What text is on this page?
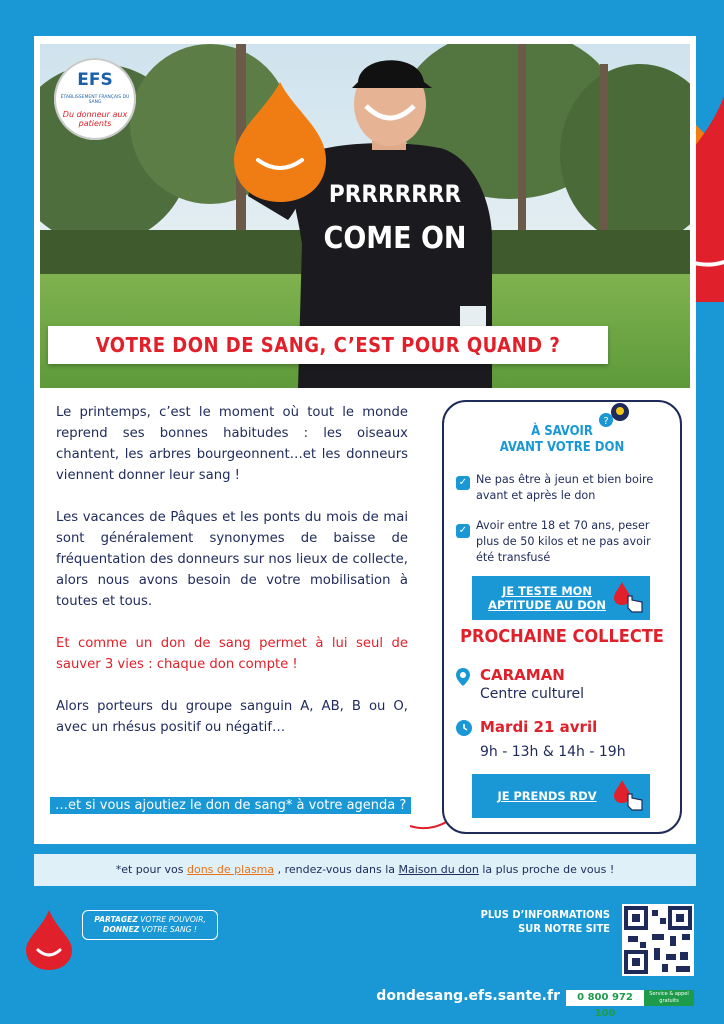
PRRRRRRR
COME ON
EFS
ÉTABLISSEMENT FRANÇAIS DU SANG
Du donneur aux patients

Le printemps, c’est le moment où tout le monde reprend ses bonnes habitudes : les oiseaux chantent, les arbres bourgeonnent…et les donneurs viennent donner leur sang !

Les vacances de Pâques et les ponts du mois de mai sont généralement synonymes de baisse de fréquentation des donneurs sur nos lieux de collecte, alors nous avons besoin de votre mobilisation à toutes et tous.

Et comme un don de sang permet à lui seul de sauver 3 vies : chaque don compte !

Alors porteurs du groupe sanguin A, AB, B ou O, avec un rhésus positif ou négatif…

…et si vous ajoutiez le don de sang* à votre agenda ?
?
À SAVOIR
AVANT VOTRE DON
✓ Ne pas être à jeun et bien boire avant et après le don
✓ Avoir entre 18 et 70 ans, peser plus de 50 kilos et ne pas avoir été transfusé
JE TESTE MON APTITUDE AU DON
PROCHAINE COLLECTE
CARAMAN
Centre culturel
Mardi 21 avril
9h - 13h & 14h - 19h
JE PRENDS RDV
VOTRE DON DE SANG, C’EST POUR QUAND ?
*et pour vos dons de plasma , rendez-vous dans la Maison du don la plus proche de vous !
PARTAGEZ VOTRE POUVOIR,
DONNEZ VOTRE SANG !
PLUS D’INFORMATIONS
SUR NOTRE SITE
dondesang.efs.sante.fr	0 800 972 100
Service & appel gratuits
